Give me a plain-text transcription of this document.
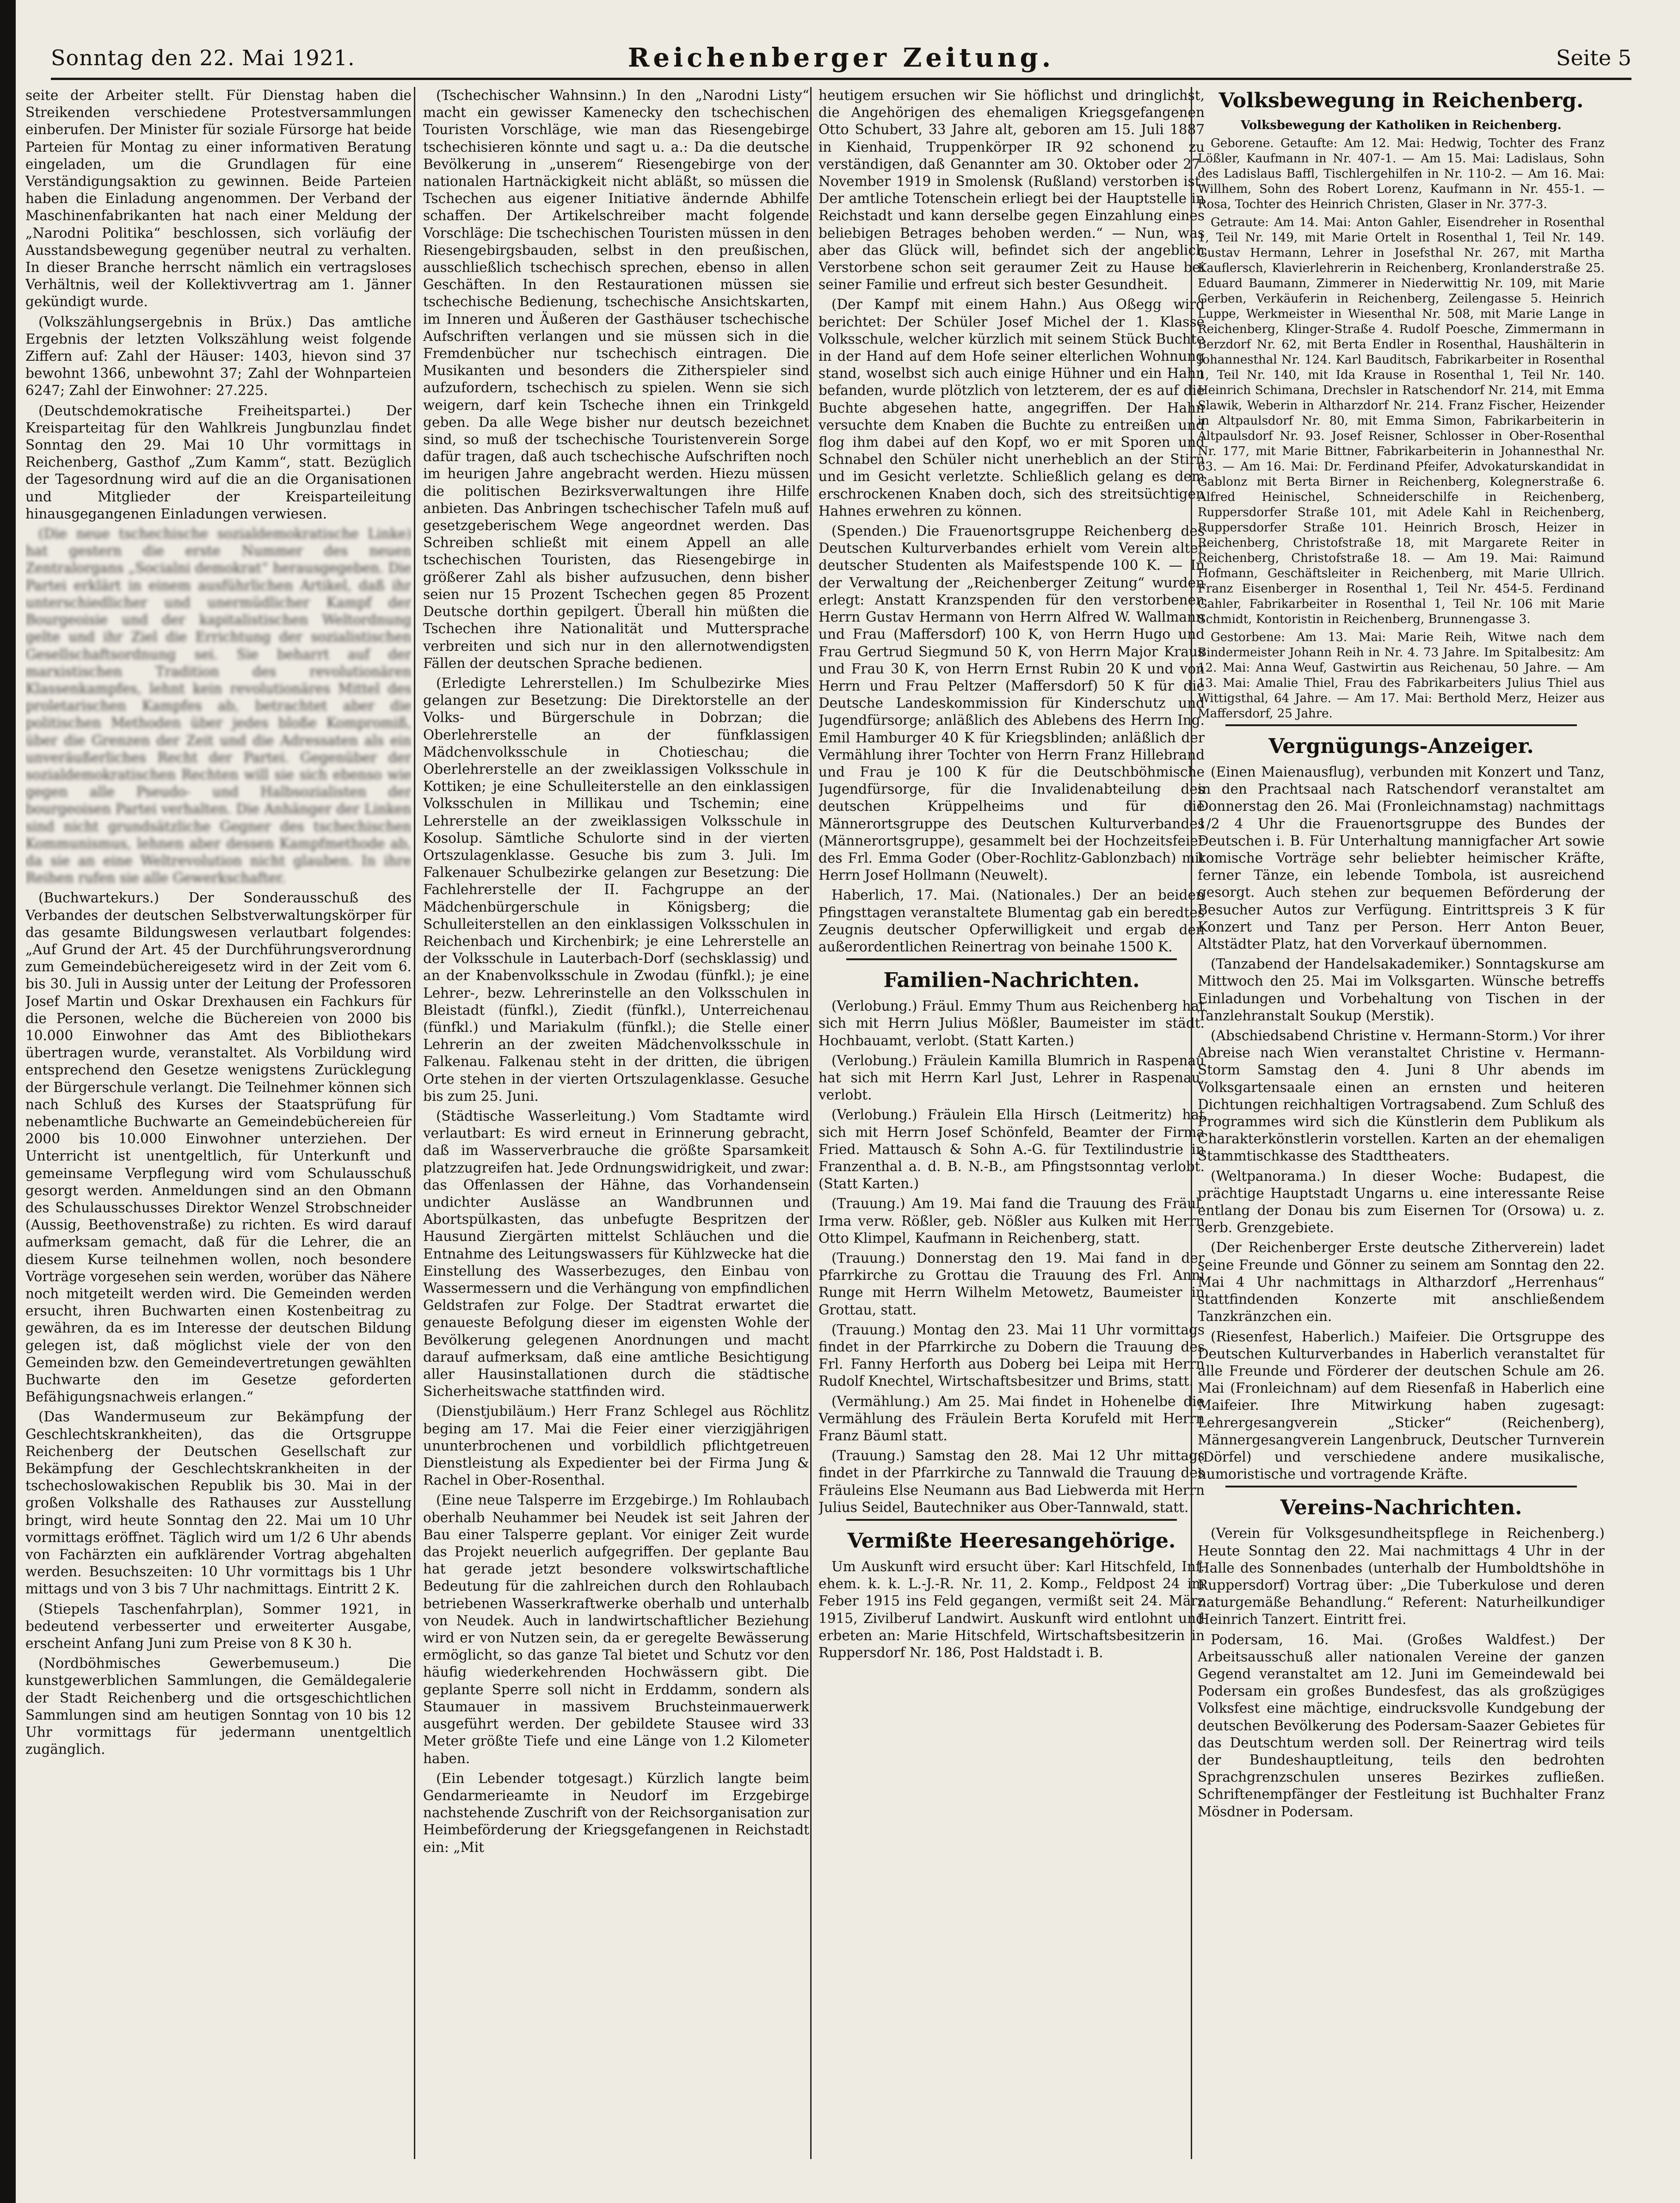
Sonntag den 22. Mai 1921.	Reichenberger Zeitung.	Seite 5

seite der Arbeiter stellt. Für Dienstag haben die Streikenden verschiedene Protestversammlungen einberufen. Der Minister für soziale Fürsorge hat beide Parteien für Montag zu einer informativen Beratung eingeladen, um die Grundlagen für eine Verständigungsaktion zu gewinnen. Beide Parteien haben die Einladung angenommen. Der Verband der Maschinenfabrikanten hat nach einer Meldung der „Narodni Politika“ beschlossen, sich vorläufig der Ausstandsbewegung gegenüber neutral zu verhalten. In dieser Branche herrscht nämlich ein vertragsloses Verhältnis, weil der Kollektivvertrag am 1. Jänner gekündigt wurde.

(Volkszählungsergebnis in Brüx.) Das amtliche Ergebnis der letzten Volkszählung weist folgende Ziffern auf: Zahl der Häuser: 1403, hievon sind 37 bewohnt 1366, unbewohnt 37; Zahl der Wohnparteien 6247; Zahl der Einwohner: 27.225.

(Deutschdemokratische Freiheitspartei.) Der Kreisparteitag für den Wahlkreis Jungbunzlau findet Sonntag den 29. Mai 10 Uhr vormittags in Reichenberg, Gasthof „Zum Kamm“, statt. Bezüglich der Tagesordnung wird auf die an die Organisationen und Mitglieder der Kreisparteileitung hinausgegangenen Einladungen verwiesen.

(Die neue tschechische sozialdemokratische Linke) hat gestern die erste Nummer des neuen Zentralorgans „Socialni demokrat“ herausgegeben. Die Partei erklärt in einem ausführlichen Artikel, daß ihr unterschiedlicher und unermüdlicher Kampf der Bourgeoisie und der kapitalistischen Weltordnung gelte und ihr Ziel die Errichtung der sozialistischen Gesellschaftsordnung sei. Sie beharrt auf der marxistischen Tradition des revolutionären Klassenkampfes, lehnt kein revolutionäres Mittel des proletarischen Kampfes ab, betrachtet aber die politischen Methoden über jedes bloße Kompromiß, über die Grenzen der Zeit und die Adressaten als ein unveräußerliches Recht der Partei. Gegenüber der sozialdemokratischen Rechten will sie sich ebenso wie gegen alle Pseudo- und Halbsozialisten der bourgeoisen Partei verhalten. Die Anhänger der Linken sind nicht grundsätzliche Gegner des tschechischen Kommunismus, lehnen aber dessen Kampfmethode ab, da sie an eine Weltrevolution nicht glauben. In ihre Reihen rufen sie alle Gewerkschafter.

(Buchwartekurs.) Der Sonderausschuß des Verbandes der deutschen Selbstverwaltungskörper für das gesamte Bildungswesen verlautbart folgendes: „Auf Grund der Art. 45 der Durchführungsverordnung zum Gemeindebüchereigesetz wird in der Zeit vom 6. bis 30. Juli in Aussig unter der Leitung der Professoren Josef Martin und Oskar Drexhausen ein Fachkurs für die Personen, welche die Büchereien von 2000 bis 10.000 Einwohner das Amt des Bibliothekars übertragen wurde, veranstaltet. Als Vorbildung wird entsprechend den Gesetze wenigstens Zurücklegung der Bürgerschule verlangt. Die Teilnehmer können sich nach Schluß des Kurses der Staatsprüfung für nebenamtliche Buchwarte an Gemeindebüchereien für 2000 bis 10.000 Einwohner unterziehen. Der Unterricht ist unentgeltlich, für Unterkunft und gemeinsame Verpflegung wird vom Schulausschuß gesorgt werden. Anmeldungen sind an den Obmann des Schulausschusses Direktor Wenzel Strobschneider (Aussig, Beethovenstraße) zu richten. Es wird darauf aufmerksam gemacht, daß für die Lehrer, die an diesem Kurse teilnehmen wollen, noch besondere Vorträge vorgesehen sein werden, worüber das Nähere noch mitgeteilt werden wird. Die Gemeinden werden ersucht, ihren Buchwarten einen Kostenbeitrag zu gewähren, da es im Interesse der deutschen Bildung gelegen ist, daß möglichst viele der von den Gemeinden bzw. den Gemeindevertretungen gewählten Buchwarte den im Gesetze geforderten Befähigungsnachweis erlangen.“

(Das Wandermuseum zur Bekämpfung der Geschlechtskrankheiten), das die Ortsgruppe Reichenberg der Deutschen Gesellschaft zur Bekämpfung der Geschlechtskrankheiten in der tschechoslowakischen Republik bis 30. Mai in der großen Volkshalle des Rathauses zur Ausstellung bringt, wird heute Sonntag den 22. Mai um 10 Uhr vormittags eröffnet. Täglich wird um 1/2 6 Uhr abends von Fachärzten ein aufklärender Vortrag abgehalten werden. Besuchszeiten: 10 Uhr vormittags bis 1 Uhr mittags und von 3 bis 7 Uhr nachmittags. Eintritt 2 K.

(Stiepels Taschenfahrplan), Sommer 1921, in bedeutend verbesserter und erweiterter Ausgabe, erscheint Anfang Juni zum Preise von 8 K 30 h.

(Nordböhmisches Gewerbemuseum.) Die kunstgewerblichen Sammlungen, die Gemäldegalerie der Stadt Reichenberg und die ortsgeschichtlichen Sammlungen sind am heutigen Sonntag von 10 bis 12 Uhr vormittags für jedermann unentgeltlich zugänglich.

(Tschechischer Wahnsinn.) In den „Narodni Listy“ macht ein gewisser Kamenecky den tschechischen Touristen Vorschläge, wie man das Riesengebirge tschechisieren könnte und sagt u. a.: Da die deutsche Bevölkerung in „unserem“ Riesengebirge von der nationalen Hartnäckigkeit nicht abläßt, so müssen die Tschechen aus eigener Initiative ändernde Abhilfe schaffen. Der Artikelschreiber macht folgende Vorschläge: Die tschechischen Touristen müssen in den Riesengebirgsbauden, selbst in den preußischen, ausschließlich tschechisch sprechen, ebenso in allen Geschäften. In den Restaurationen müssen sie tschechische Bedienung, tschechische Ansichtskarten, im Inneren und Äußeren der Gasthäuser tschechische Aufschriften verlangen und sie müssen sich in die Fremdenbücher nur tschechisch eintragen. Die Musikanten und besonders die Zitherspieler sind aufzufordern, tschechisch zu spielen. Wenn sie sich weigern, darf kein Tscheche ihnen ein Trinkgeld geben. Da alle Wege bisher nur deutsch bezeichnet sind, so muß der tschechische Touristenverein Sorge dafür tragen, daß auch tschechische Aufschriften noch im heurigen Jahre angebracht werden. Hiezu müssen die politischen Bezirksverwaltungen ihre Hilfe anbieten. Das Anbringen tschechischer Tafeln muß auf gesetzgeberischem Wege angeordnet werden. Das Schreiben schließt mit einem Appell an alle tschechischen Touristen, das Riesengebirge in größerer Zahl als bisher aufzusuchen, denn bisher seien nur 15 Prozent Tschechen gegen 85 Prozent Deutsche dorthin gepilgert. Überall hin müßten die Tschechen ihre Nationalität und Muttersprache verbreiten und sich nur in den allernotwendigsten Fällen der deutschen Sprache bedienen.

(Erledigte Lehrerstellen.) Im Schulbezirke Mies gelangen zur Besetzung: Die Direktorstelle an der Volks- und Bürgerschule in Dobrzan; die Oberlehrerstelle an der fünfklassigen Mädchenvolksschule in Chotieschau; die Oberlehrerstelle an der zweiklassigen Volksschule in Kottiken; je eine Schulleiterstelle an den einklassigen Volksschulen in Millikau und Tschemin; eine Lehrerstelle an der zweiklassigen Volksschule in Kosolup. Sämtliche Schulorte sind in der vierten Ortszulagenklasse. Gesuche bis zum 3. Juli. Im Falkenauer Schulbezirke gelangen zur Besetzung: Die Fachlehrerstelle der II. Fachgruppe an der Mädchenbürgerschule in Königsberg; die Schulleiterstellen an den einklassigen Volksschulen in Reichenbach und Kirchenbirk; je eine Lehrerstelle an der Volksschule in Lauterbach-Dorf (sechsklassig) und an der Knabenvolksschule in Zwodau (fünfkl.); je eine Lehrer-, bezw. Lehrerinstelle an den Volksschulen in Bleistadt (fünfkl.), Ziedit (fünfkl.), Unterreichenau (fünfkl.) und Mariakulm (fünfkl.); die Stelle einer Lehrerin an der zweiten Mädchenvolksschule in Falkenau. Falkenau steht in der dritten, die übrigen Orte stehen in der vierten Ortszulagenklasse. Gesuche bis zum 25. Juni.

(Städtische Wasserleitung.) Vom Stadtamte wird verlautbart: Es wird erneut in Erinnerung gebracht, daß im Wasserverbrauche die größte Sparsamkeit platzzugreifen hat. Jede Ordnungswidrigkeit, und zwar: das Offenlassen der Hähne, das Vorhandensein undichter Auslässe an Wandbrunnen und Abortspülkasten, das unbefugte Bespritzen der Hausund Ziergärten mittelst Schläuchen und die Entnahme des Leitungswassers für Kühlzwecke hat die Einstellung des Wasserbezuges, den Einbau von Wassermessern und die Verhängung von empfindlichen Geldstrafen zur Folge. Der Stadtrat erwartet die genaueste Befolgung dieser im eigensten Wohle der Bevölkerung gelegenen Anordnungen und macht darauf aufmerksam, daß eine amtliche Besichtigung aller Hausinstallationen durch die städtische Sicherheitswache stattfinden wird.

(Dienstjubiläum.) Herr Franz Schlegel aus Röchlitz beging am 17. Mai die Feier einer vierzigjährigen ununterbrochenen und vorbildlich pflichtgetreuen Dienstleistung als Expedienter bei der Firma Jung & Rachel in Ober-Rosenthal.

(Eine neue Talsperre im Erzgebirge.) Im Rohlaubach oberhalb Neuhammer bei Neudek ist seit Jahren der Bau einer Talsperre geplant. Vor einiger Zeit wurde das Projekt neuerlich aufgegriffen. Der geplante Bau hat gerade jetzt besondere volkswirtschaftliche Bedeutung für die zahlreichen durch den Rohlaubach betriebenen Wasserkraftwerke oberhalb und unterhalb von Neudek. Auch in landwirtschaftlicher Beziehung wird er von Nutzen sein, da er geregelte Bewässerung ermöglicht, so das ganze Tal bietet und Schutz vor den häufig wiederkehrenden Hochwässern gibt. Die geplante Sperre soll nicht in Erddamm, sondern als Staumauer in massivem Bruchsteinmauerwerk ausgeführt werden. Der gebildete Stausee wird 33 Meter größte Tiefe und eine Länge von 1.2 Kilometer haben.

(Ein Lebender totgesagt.) Kürzlich langte beim Gendarmerieamte in Neudorf im Erzgebirge nachstehende Zuschrift von der Reichsorganisation zur Heimbeförderung der Kriegsgefangenen in Reichstadt ein: „Mit

heutigem ersuchen wir Sie höflichst und dringlichst, die Angehörigen des ehemaligen Kriegsgefangenen Otto Schubert, 33 Jahre alt, geboren am 15. Juli 1887 in Kienhaid, Truppenkörper IR 92 schonend zu verständigen, daß Genannter am 30. Oktober oder 27. November 1919 in Smolensk (Rußland) verstorben ist. Der amtliche Totenschein erliegt bei der Hauptstelle in Reichstadt und kann derselbe gegen Einzahlung eines beliebigen Betrages behoben werden.“ — Nun, was aber das Glück will, befindet sich der angeblich Verstorbene schon seit geraumer Zeit zu Hause bei seiner Familie und erfreut sich bester Gesundheit.

(Der Kampf mit einem Hahn.) Aus Oßegg wird berichtet: Der Schüler Josef Michel der 1. Klasse Volksschule, welcher kürzlich mit seinem Stück Buchte in der Hand auf dem Hofe seiner elterlichen Wohnung stand, woselbst sich auch einige Hühner und ein Hahn befanden, wurde plötzlich von letzterem, der es auf die Buchte abgesehen hatte, angegriffen. Der Hahn versuchte dem Knaben die Buchte zu entreißen und flog ihm dabei auf den Kopf, wo er mit Sporen und Schnabel den Schüler nicht unerheblich an der Stirn und im Gesicht verletzte. Schließlich gelang es dem erschrockenen Knaben doch, sich des streitsüchtigen Hahnes erwehren zu können.

(Spenden.) Die Frauenortsgruppe Reichenberg des Deutschen Kulturverbandes erhielt vom Verein alter deutscher Studenten als Maifestspende 100 K. — In der Verwaltung der „Reichenberger Zeitung“ wurden erlegt: Anstatt Kranzspenden für den verstorbenen Herrn Gustav Hermann von Herrn Alfred W. Wallmann und Frau (Maffersdorf) 100 K, von Herrn Hugo und Frau Gertrud Siegmund 50 K, von Herrn Major Kraus und Frau 30 K, von Herrn Ernst Rubin 20 K und von Herrn und Frau Peltzer (Maffersdorf) 50 K für die Deutsche Landeskommission für Kinderschutz und Jugendfürsorge; anläßlich des Ablebens des Herrn Ing. Emil Hamburger 40 K für Kriegsblinden; anläßlich der Vermählung ihrer Tochter von Herrn Franz Hillebrand und Frau je 100 K für die Deutschböhmische Jugendfürsorge, für die Invalidenabteilung des deutschen Krüppelheims und für die Männerortsgruppe des Deutschen Kulturverbandes (Männerortsgruppe), gesammelt bei der Hochzeitsfeier des Frl. Emma Goder (Ober-Rochlitz-Gablonzbach) mit Herrn Josef Hollmann (Neuwelt).

Haberlich, 17. Mai. (Nationales.) Der an beiden Pfingsttagen veranstaltete Blumentag gab ein beredtes Zeugnis deutscher Opferwilligkeit und ergab den außerordentlichen Reinertrag von beinahe 1500 K.

Familien-Nachrichten.

(Verlobung.) Fräul. Emmy Thum aus Reichenberg hat sich mit Herrn Julius Mößler, Baumeister im städt. Hochbauamt, verlobt. (Statt Karten.)

(Verlobung.) Fräulein Kamilla Blumrich in Raspenau hat sich mit Herrn Karl Just, Lehrer in Raspenau, verlobt.

(Verlobung.) Fräulein Ella Hirsch (Leitmeritz) hat sich mit Herrn Josef Schönfeld, Beamter der Firma Fried. Mattausch & Sohn A.-G. für Textilindustrie in Franzenthal a. d. B. N.-B., am Pfingstsonntag verlobt. (Statt Karten.)

(Trauung.) Am 19. Mai fand die Trauung des Fräul. Irma verw. Rößler, geb. Nößler aus Kulken mit Herrn Otto Klimpel, Kaufmann in Reichenberg, statt.

(Trauung.) Donnerstag den 19. Mai fand in der Pfarrkirche zu Grottau die Trauung des Frl. Anni Runge mit Herrn Wilhelm Metowetz, Baumeister in Grottau, statt.

(Trauung.) Montag den 23. Mai 11 Uhr vormittags findet in der Pfarrkirche zu Dobern die Trauung des Frl. Fanny Herforth aus Doberg bei Leipa mit Herrn Rudolf Knechtel, Wirtschaftsbesitzer und Brims, statt.

(Vermählung.) Am 25. Mai findet in Hohenelbe die Vermählung des Fräulein Berta Korufeld mit Herrn Franz Bäuml statt.

(Trauung.) Samstag den 28. Mai 12 Uhr mittags findet in der Pfarrkirche zu Tannwald die Trauung des Fräuleins Else Neumann aus Bad Liebwerda mit Herrn Julius Seidel, Bautechniker aus Ober-Tannwald, statt.

Vermißte Heeresangehörige.

Um Auskunft wird ersucht über: Karl Hitschfeld, Inf. ehem. k. k. L.-J.-R. Nr. 11, 2. Komp., Feldpost 24 im Feber 1915 ins Feld gegangen, vermißt seit 24. März 1915, Zivilberuf Landwirt. Auskunft wird entlohnt und erbeten an: Marie Hitschfeld, Wirtschaftsbesitzerin in Ruppersdorf Nr. 186, Post Haldstadt i. B.

Volksbewegung in Reichenberg.

Volksbewegung der Katholiken in Reichenberg.

Geborene. Getaufte: Am 12. Mai: Hedwig, Tochter des Franz Lößler, Kaufmann in Nr. 407-1. — Am 15. Mai: Ladislaus, Sohn des Ladislaus Baffl, Tischlergehilfen in Nr. 110-2. — Am 16. Mai: Willhem, Sohn des Robert Lorenz, Kaufmann in Nr. 455-1. — Rosa, Tochter des Heinrich Christen, Glaser in Nr. 377-3.

Getraute: Am 14. Mai: Anton Gahler, Eisendreher in Rosenthal 1, Teil Nr. 149, mit Marie Ortelt in Rosenthal 1, Teil Nr. 149. Gustav Hermann, Lehrer in Josefsthal Nr. 267, mit Martha Kauflersch, Klavierlehrerin in Reichenberg, Kronlanderstraße 25. Eduard Baumann, Zimmerer in Niederwittig Nr. 109, mit Marie Gerben, Verkäuferin in Reichenberg, Zeilengasse 5. Heinrich Luppe, Werkmeister in Wiesenthal Nr. 508, mit Marie Lange in Reichenberg, Klinger-Straße 4. Rudolf Poesche, Zimmermann in Berzdorf Nr. 62, mit Berta Endler in Rosenthal, Haushälterin in Johannesthal Nr. 124. Karl Bauditsch, Fabrikarbeiter in Rosenthal 1, Teil Nr. 140, mit Ida Krause in Rosenthal 1, Teil Nr. 140. Heinrich Schimana, Drechsler in Ratschendorf Nr. 214, mit Emma Slawik, Weberin in Altharzdorf Nr. 214. Franz Fischer, Heizender in Altpaulsdorf Nr. 80, mit Emma Simon, Fabrikarbeiterin in Altpaulsdorf Nr. 93. Josef Reisner, Schlosser in Ober-Rosenthal Nr. 177, mit Marie Bittner, Fabrikarbeiterin in Johannesthal Nr. 63. — Am 16. Mai: Dr. Ferdinand Pfeifer, Advokaturskandidat in Gablonz mit Berta Birner in Reichenberg, Kolegnerstraße 6. Alfred Heinischel, Schneiderschilfe in Reichenberg, Ruppersdorfer Straße 101, mit Adele Kahl in Reichenberg, Ruppersdorfer Straße 101. Heinrich Brosch, Heizer in Reichenberg, Christofstraße 18, mit Margarete Reiter in Reichenberg, Christofstraße 18. — Am 19. Mai: Raimund Hofmann, Geschäftsleiter in Reichenberg, mit Marie Ullrich. Franz Eisenberger in Rosenthal 1, Teil Nr. 454-5. Ferdinand Gahler, Fabrikarbeiter in Rosenthal 1, Teil Nr. 106 mit Marie Schmidt, Kontoristin in Reichenberg, Brunnengasse 3.

Gestorbene: Am 13. Mai: Marie Reih, Witwe nach dem Bindermeister Johann Reih in Nr. 4. 73 Jahre. Im Spitalbesitz: Am 12. Mai: Anna Weuf, Gastwirtin aus Reichenau, 50 Jahre. — Am 13. Mai: Amalie Thiel, Frau des Fabrikarbeiters Julius Thiel aus Wittigsthal, 64 Jahre. — Am 17. Mai: Berthold Merz, Heizer aus Maffersdorf, 25 Jahre.

Vergnügungs-Anzeiger.

(Einen Maienausflug), verbunden mit Konzert und Tanz, in den Prachtsaal nach Ratschendorf veranstaltet am Donnerstag den 26. Mai (Fronleichnamstag) nachmittags 1/2 4 Uhr die Frauenortsgruppe des Bundes der Deutschen i. B. Für Unterhaltung mannigfacher Art sowie komische Vorträge sehr beliebter heimischer Kräfte, ferner Tänze, ein lebende Tombola, ist ausreichend gesorgt. Auch stehen zur bequemen Beförderung der Besucher Autos zur Verfügung. Eintrittspreis 3 K für Konzert und Tanz per Person. Herr Anton Beuer, Altstädter Platz, hat den Vorverkauf übernommen.

(Tanzabend der Handelsakademiker.) Sonntagskurse am Mittwoch den 25. Mai im Volksgarten. Wünsche betreffs Einladungen und Vorbehaltung von Tischen in der Tanzlehranstalt Soukup (Merstik).

(Abschiedsabend Christine v. Hermann-Storm.) Vor ihrer Abreise nach Wien veranstaltet Christine v. Hermann-Storm Samstag den 4. Juni 8 Uhr abends im Volksgartensaale einen an ernsten und heiteren Dichtungen reichhaltigen Vortragsabend. Zum Schluß des Programmes wird sich die Künstlerin dem Publikum als Charakterkönstlerin vorstellen. Karten an der ehemaligen Stammtischkasse des Stadttheaters.

(Weltpanorama.) In dieser Woche: Budapest, die prächtige Hauptstadt Ungarns u. eine interessante Reise entlang der Donau bis zum Eisernen Tor (Orsowa) u. z. serb. Grenzgebiete.

(Der Reichenberger Erste deutsche Zitherverein) ladet seine Freunde und Gönner zu seinem am Sonntag den 22. Mai 4 Uhr nachmittags in Altharzdorf „Herrenhaus“ stattfindenden Konzerte mit anschließendem Tanzkränzchen ein.

(Riesenfest, Haberlich.) Maifeier. Die Ortsgruppe des Deutschen Kulturverbandes in Haberlich veranstaltet für alle Freunde und Förderer der deutschen Schule am 26. Mai (Fronleichnam) auf dem Riesenfaß in Haberlich eine Maifeier. Ihre Mitwirkung haben zugesagt: Lehrergesangverein „Sticker“ (Reichenberg), Männergesangverein Langenbruck, Deutscher Turnverein (Dörfel) und verschiedene andere musikalische, humoristische und vortragende Kräfte.

Vereins-Nachrichten.

(Verein für Volksgesundheitspflege in Reichenberg.) Heute Sonntag den 22. Mai nachmittags 4 Uhr in der Halle des Sonnenbades (unterhalb der Humboldtshöhe in Ruppersdorf) Vortrag über: „Die Tuberkulose und deren naturgemäße Behandlung.“ Referent: Naturheilkundiger Heinrich Tanzert. Eintritt frei.

Podersam, 16. Mai. (Großes Waldfest.) Der Arbeitsausschuß aller nationalen Vereine der ganzen Gegend veranstaltet am 12. Juni im Gemeindewald bei Podersam ein großes Bundesfest, das als großzügiges Volksfest eine mächtige, eindrucksvolle Kundgebung der deutschen Bevölkerung des Podersam-Saazer Gebietes für das Deutschtum werden soll. Der Reinertrag wird teils der Bundeshauptleitung, teils den bedrohten Sprachgrenzschulen unseres Bezirkes zufließen. Schriftenempfänger der Festleitung ist Buchhalter Franz Mösdner in Podersam.
